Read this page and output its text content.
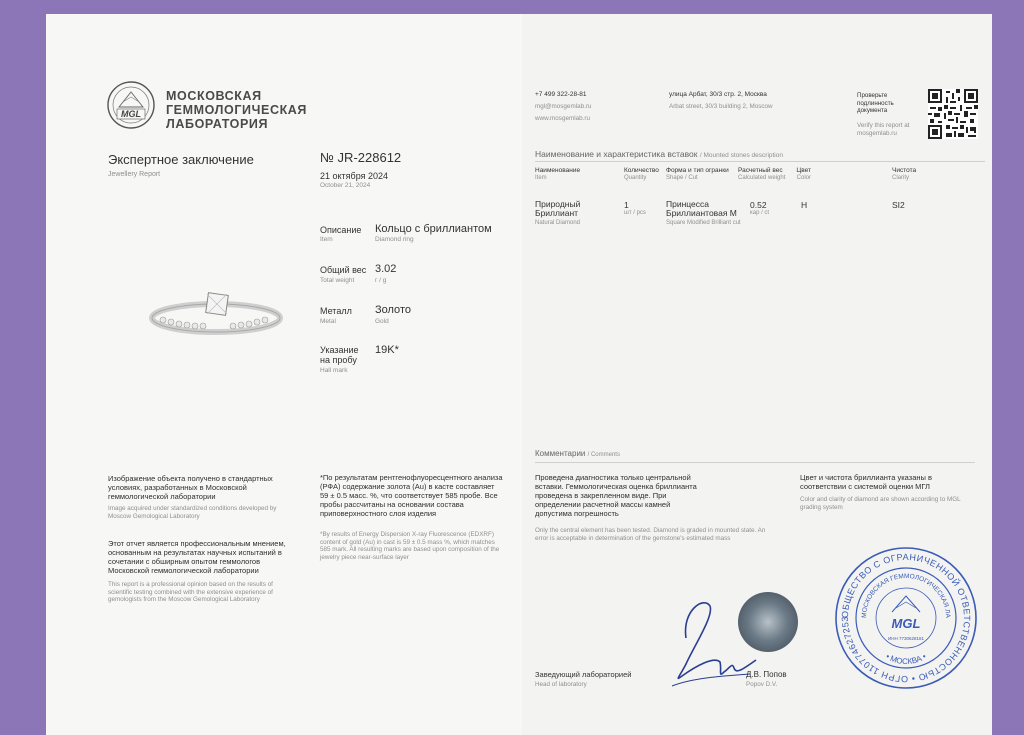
MGL
МОСКОВСКАЯ
ГЕММОЛОГИЧЕСКАЯ
ЛАБОРАТОРИЯ
Экспертное заключение
Jewellery Report
№ JR-228612
21 октября 2024
October 21, 2024
Описание
Item
Кольцо с бриллиантом
Diamond ring
Общий вес
Total weight
3.02
г / g
Металл
Metal
Золото
Gold
Указание на пробу
Hall mark
19K*
Изображение объекта получено в стандартных условиях, разработанных в Московской геммологической лаборатории
Image acquired under standardized conditions developed by Moscow Gemological Laboratory
Этот отчет является профессиональным мнением, основанным на результатах научных испытаний в сочетании с обширным опытом геммологов Московской геммологической лаборатории
This report is a professional opinion based on the results of scientific testing combined with the extensive experience of gemologists from the Moscow Gemological Laboratory
*По результатам рентгенофлуоресцентного анализа (РФА) содержание золота (Au) в касте составляет 59 ± 0.5 масс. %, что соответствует 585 пробе. Все пробы рассчитаны на основании состава приповерхностного слоя изделия
*By results of Energy Dispersion X-ray Fluorescence (EDXRF) content of gold (Au) in cast is 59 ± 0.5 mass %, which matches 585 mark. All resulting marks are based upon composition of the jewelry piece near-surface layer
+7 499 322-28-81
mgl@mosgemlab.ru
www.mosgemlab.ru
улица Арбат, 30/3 стр. 2, Москва
Arbat street, 30/3 building 2, Moscow
Проверьте подлинность документа
Verify this report at mosgemlab.ru
Наименование и характеристика вставок / Mounted stones description
Наименование
Item
Количество
Quantity
Форма и тип огранки
Shape / Cut
Расчетный вес
Calculated weight
Цвет
Color
Чистота
Clarity
Природный Бриллиант
Natural Diamond
1
шт / pcs
Принцесса Бриллиантовая М
Square Modified Brilliant cut
0.52
кар / ct
H	SI2
Комментарии / Comments
Проведена диагностика только центральной вставки. Геммологическая оценка бриллианта проведена в закрепленном виде. При определении расчетной массы камней допустима погрешность
Only the central element has been tested. Diamond is graded in mounted state. An error is acceptable in determination of the gemstone's estimated mass
Цвет и чистота бриллианта указаны в соответствии с системой оценки МГЛ
Color and clarity of diamond are shown according to MGL grading system
Заведующий лабораторией
Head of laboratory
Д.В. Попов
Popov D.V.
ОБЩЕСТВО С ОГРАНИЧЕННОЙ ОТВЕТСТВЕННОСТЬЮ • ОГРН 110774627253
МОСКОВСКАЯ ГЕММОЛОГИЧЕСКАЯ ЛА
• МОСКВА •
MGL
ИНН 7730628181
